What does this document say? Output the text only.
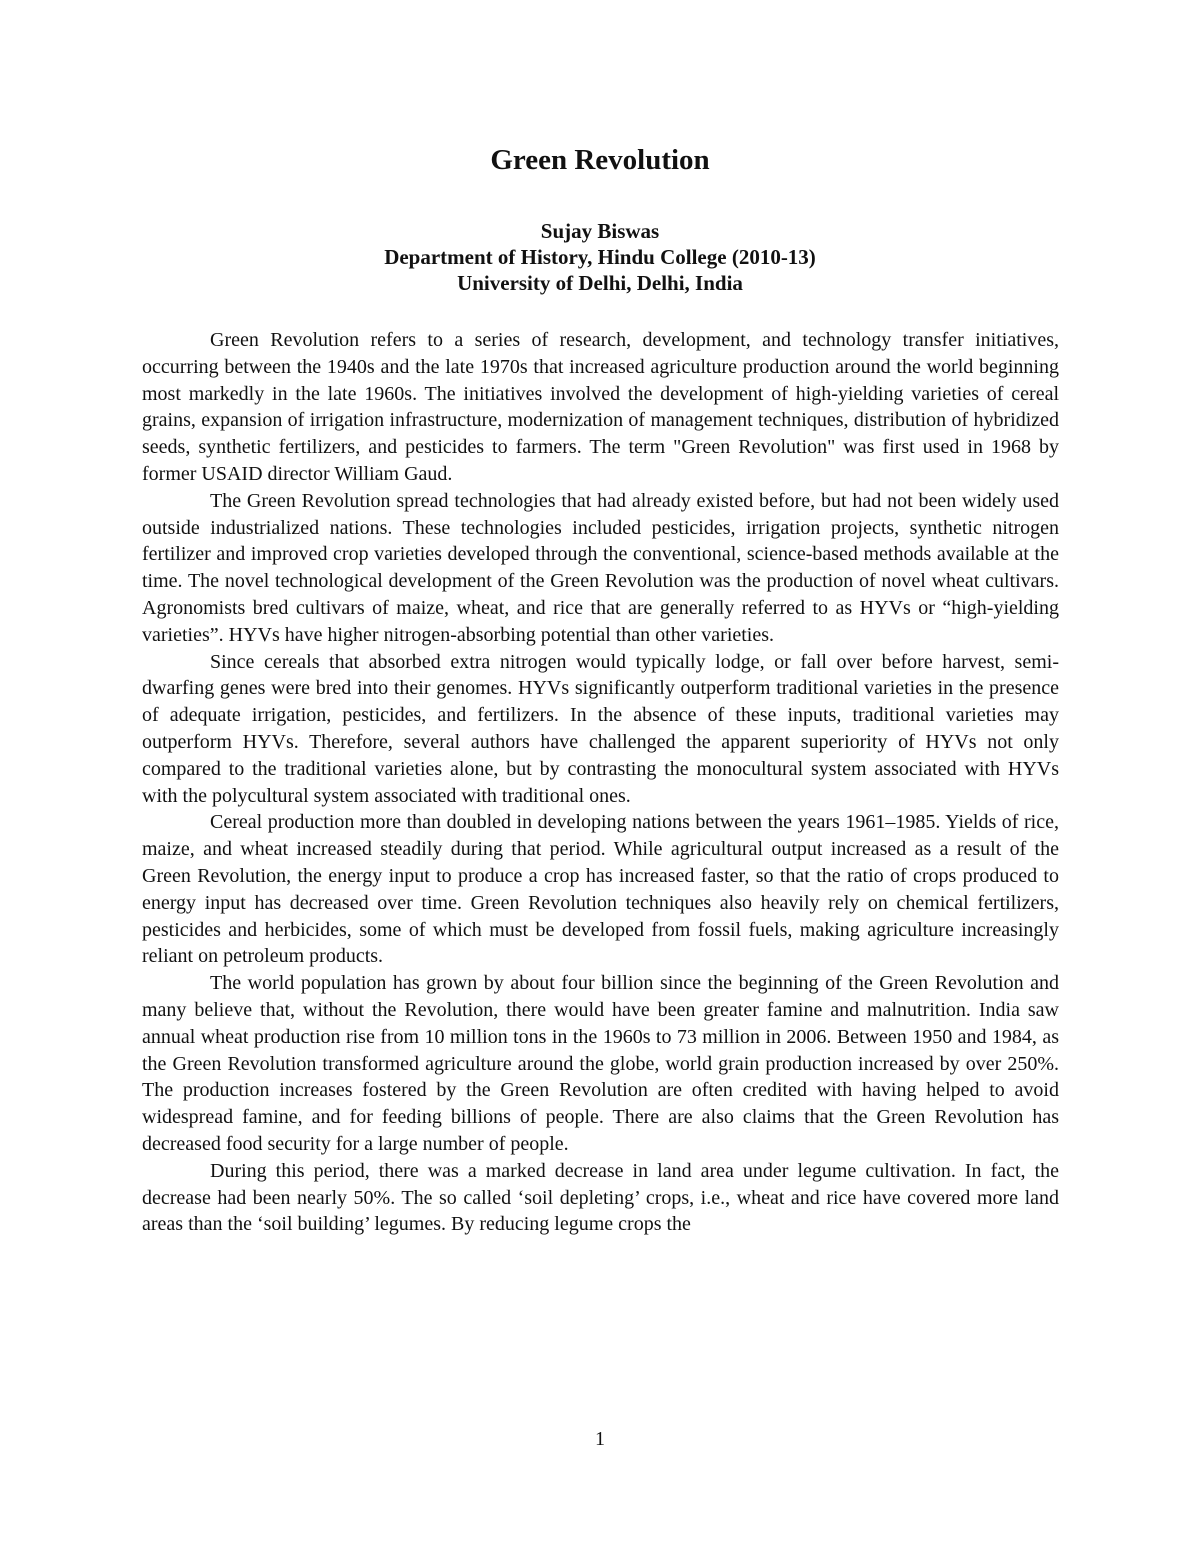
Green Revolution
Sujay Biswas
Department of History, Hindu College (2010-13)
University of Delhi, Delhi, India

Green Revolution refers to a series of research, development, and technology transfer initiatives, occurring between the 1940s and the late 1970s that increased agriculture production around the world beginning most markedly in the late 1960s. The initiatives involved the development of high-yielding varieties of cereal grains, expansion of irrigation infrastructure, modernization of management techniques, distribution of hybridized seeds, synthetic fertilizers, and pesticides to farmers. The term "Green Revolution" was first used in 1968 by former USAID director William Gaud.

The Green Revolution spread technologies that had already existed before, but had not been widely used outside industrialized nations. These technologies included pesticides, irrigation projects, synthetic nitrogen fertilizer and improved crop varieties developed through the conventional, science-based methods available at the time. The novel technological development of the Green Revolution was the production of novel wheat cultivars. Agronomists bred cultivars of maize, wheat, and rice that are generally referred to as HYVs or “high-yielding varieties”. HYVs have higher nitrogen-absorbing potential than other varieties.

Since cereals that absorbed extra nitrogen would typically lodge, or fall over before harvest, semi-dwarfing genes were bred into their genomes. HYVs significantly outperform traditional varieties in the presence of adequate irrigation, pesticides, and fertilizers. In the absence of these inputs, traditional varieties may outperform HYVs. Therefore, several authors have challenged the apparent superiority of HYVs not only compared to the traditional varieties alone, but by contrasting the monocultural system associated with HYVs with the polycultural system associated with traditional ones.

Cereal production more than doubled in developing nations between the years 1961–1985. Yields of rice, maize, and wheat increased steadily during that period. While agricultural output increased as a result of the Green Revolution, the energy input to produce a crop has increased faster, so that the ratio of crops produced to energy input has decreased over time. Green Revolution techniques also heavily rely on chemical fertilizers, pesticides and herbicides, some of which must be developed from fossil fuels, making agriculture increasingly reliant on petroleum products.

The world population has grown by about four billion since the beginning of the Green Revolution and many believe that, without the Revolution, there would have been greater famine and malnutrition. India saw annual wheat production rise from 10 million tons in the 1960s to 73 million in 2006. Between 1950 and 1984, as the Green Revolution transformed agriculture around the globe, world grain production increased by over 250%. The production increases fostered by the Green Revolution are often credited with having helped to avoid widespread famine, and for feeding billions of people. There are also claims that the Green Revolution has decreased food security for a large number of people.

During this period, there was a marked decrease in land area under legume cultivation. In fact, the decrease had been nearly 50%. The so called ‘soil depleting’ crops, i.e., wheat and rice have covered more land areas than the ‘soil building’ legumes. By reducing legume crops the

1
